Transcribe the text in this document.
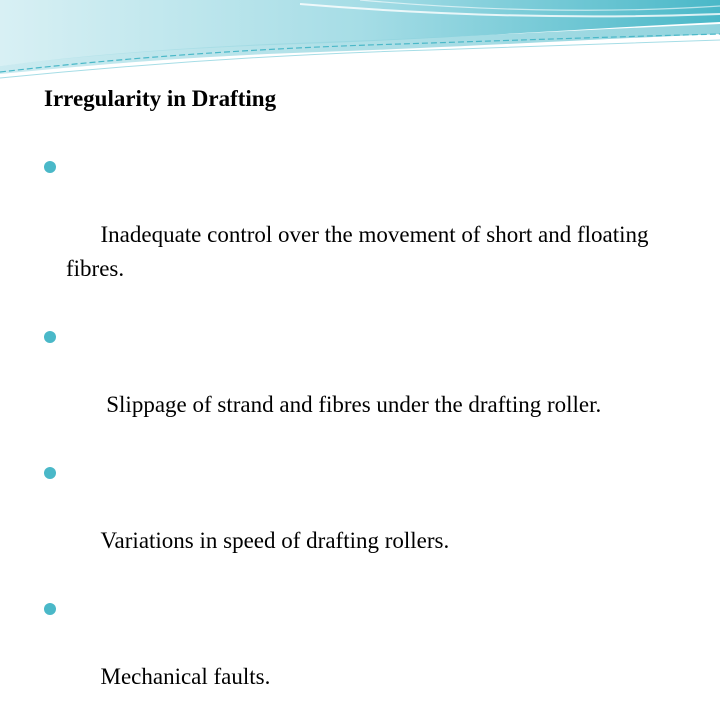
Irregularity in Drafting

Inadequate control over the movement of short and floating fibres.

Slippage of strand and fibres under the drafting roller.

Variations in speed of drafting rollers.

Mechanical faults.
